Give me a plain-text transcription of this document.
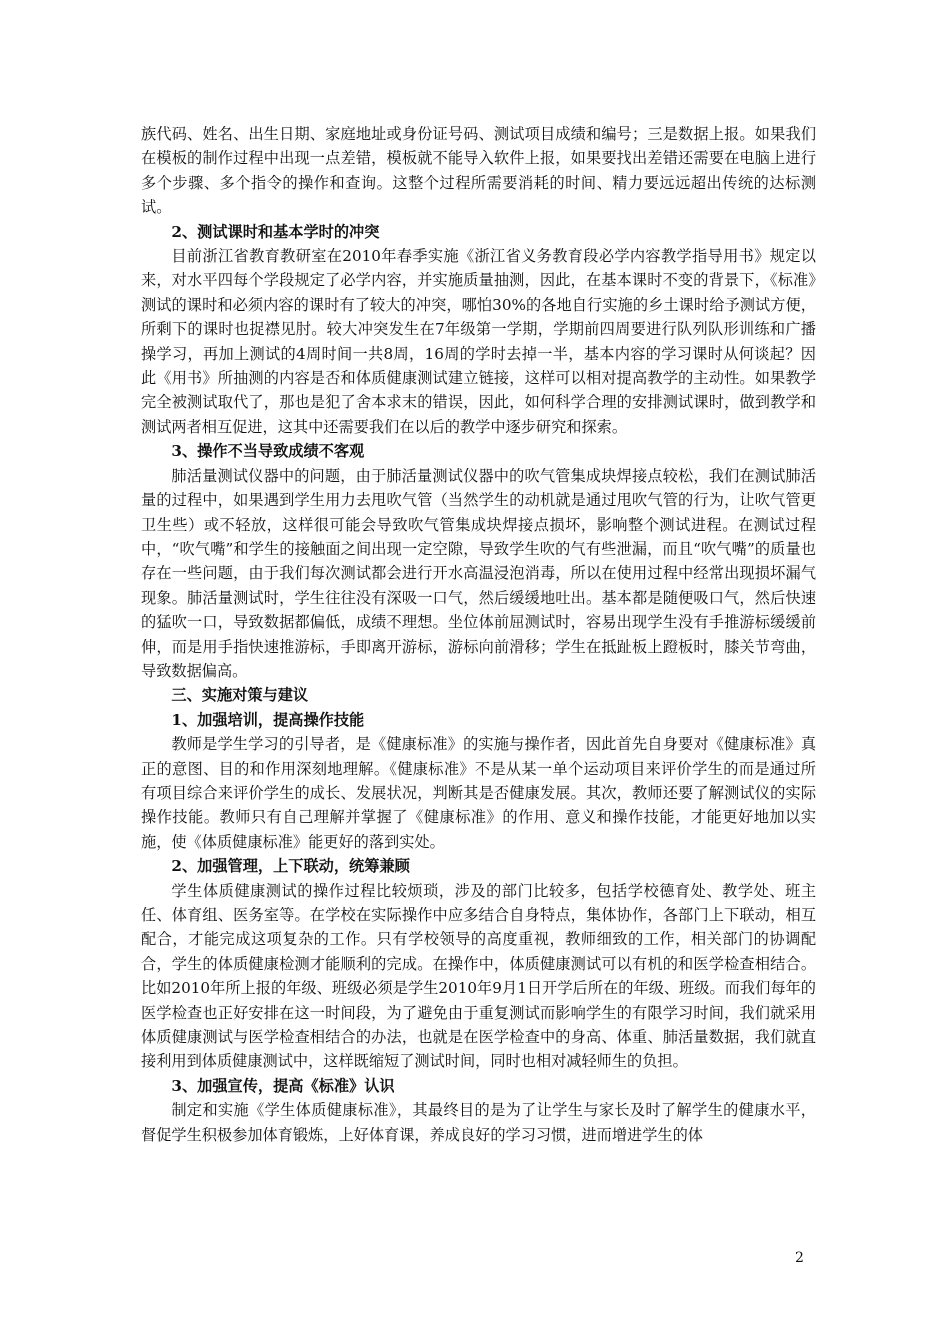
族代码、姓名、出生日期、家庭地址或身份证号码、测试项目成绩和编号；三是数据上报。如果我们在模板的制作过程中出现一点差错，模板就不能导入软件上报，如果要找出差错还需要在电脑上进行多个步骤、多个指令的操作和查询。这整个过程所需要消耗的时间、精力要远远超出传统的达标测试。

2、测试课时和基本学时的冲突

目前浙江省教育教研室在2010年春季实施《浙江省义务教育段必学内容教学指导用书》规定以来，对水平四每个学段规定了必学内容，并实施质量抽测，因此，在基本课时不变的背景下，《标准》测试的课时和必须内容的课时有了较大的冲突，哪怕30%的各地自行实施的乡土课时给予测试方便，所剩下的课时也捉襟见肘。较大冲突发生在7年级第一学期，学期前四周要进行队列队形训练和广播操学习，再加上测试的4周时间一共8周，16周的学时去掉一半，基本内容的学习课时从何谈起？因此《用书》所抽测的内容是否和体质健康测试建立链接，这样可以相对提高教学的主动性。如果教学完全被测试取代了，那也是犯了舍本求末的错误，因此，如何科学合理的安排测试课时，做到教学和测试两者相互促进，这其中还需要我们在以后的教学中逐步研究和探索。

3、操作不当导致成绩不客观

肺活量测试仪器中的问题，由于肺活量测试仪器中的吹气管集成块焊接点较松，我们在测试肺活量的过程中，如果遇到学生用力去甩吹气管（当然学生的动机就是通过甩吹气管的行为，让吹气管更卫生些）或不轻放，这样很可能会导致吹气管集成块焊接点损坏，影响整个测试进程。在测试过程中，“吹气嘴”和学生的接触面之间出现一定空隙，导致学生吹的气有些泄漏，而且“吹气嘴”的质量也存在一些问题，由于我们每次测试都会进行开水高温浸泡消毒，所以在使用过程中经常出现损坏漏气现象。肺活量测试时，学生往往没有深吸一口气，然后缓缓地吐出。基本都是随便吸口气，然后快速的猛吹一口，导致数据都偏低，成绩不理想。坐位体前屈测试时，容易出现学生没有手推游标缓缓前伸，而是用手指快速推游标，手即离开游标，游标向前滑移；学生在抵趾板上蹬板时，膝关节弯曲，导致数据偏高。

三、实施对策与建议

1、加强培训，提高操作技能

教师是学生学习的引导者，是《健康标准》的实施与操作者，因此首先自身要对《健康标准》真正的意图、目的和作用深刻地理解。《健康标准》不是从某一单个运动项目来评价学生的而是通过所有项目综合来评价学生的成长、发展状况，判断其是否健康发展。其次，教师还要了解测试仪的实际操作技能。教师只有自己理解并掌握了《健康标准》的作用、意义和操作技能，才能更好地加以实施，使《体质健康标准》能更好的落到实处。

2、加强管理，上下联动，统筹兼顾

学生体质健康测试的操作过程比较烦琐，涉及的部门比较多，包括学校德育处、教学处、班主任、体育组、医务室等。在学校在实际操作中应多结合自身特点，集体协作，各部门上下联动，相互配合，才能完成这项复杂的工作。只有学校领导的高度重视，教师细致的工作，相关部门的协调配合，学生的体质健康检测才能顺利的完成。在操作中，体质健康测试可以有机的和医学检查相结合。比如2010年所上报的年级、班级必须是学生2010年9月1日开学后所在的年级、班级。而我们每年的医学检查也正好安排在这一时间段，为了避免由于重复测试而影响学生的有限学习时间，我们就采用体质健康测试与医学检查相结合的办法，也就是在医学检查中的身高、体重、肺活量数据，我们就直接利用到体质健康测试中，这样既缩短了测试时间，同时也相对减轻师生的负担。

3、加强宣传，提高《标准》认识

制定和实施《学生体质健康标准》，其最终目的是为了让学生与家长及时了解学生的健康水平，督促学生积极参加体育锻炼，上好体育课，养成良好的学习习惯，进而增进学生的体

2
